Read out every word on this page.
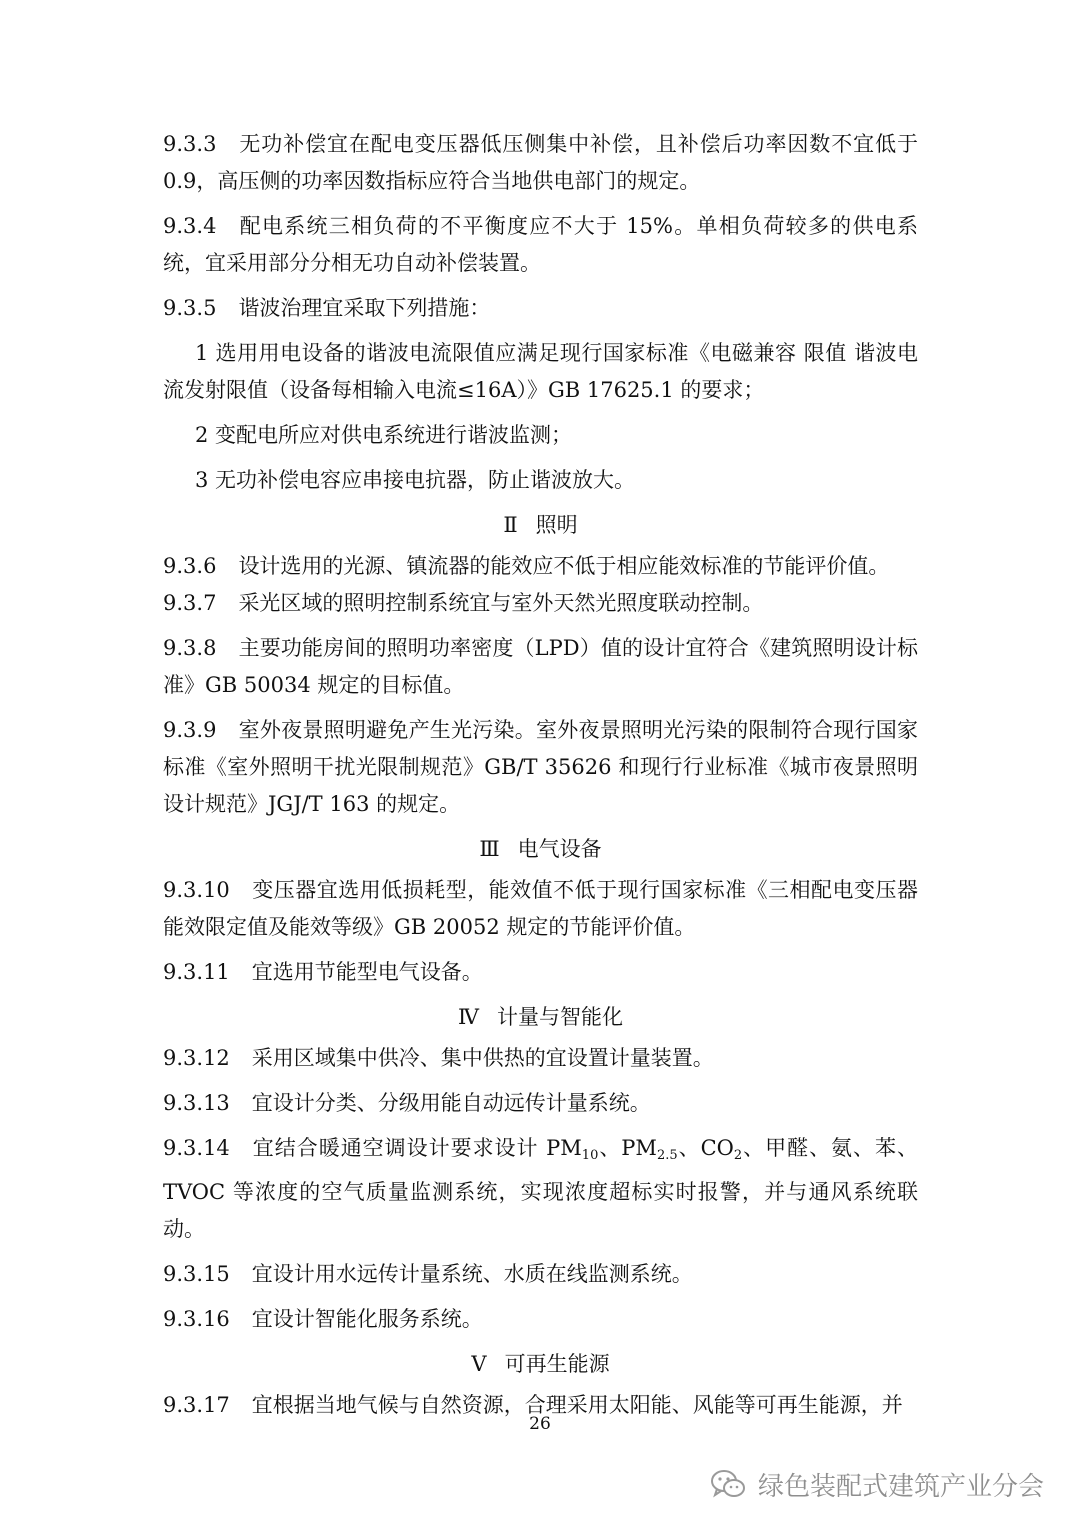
9.3.3 无功补偿宜在配电变压器低压侧集中补偿，且补偿后功率因数不宜低于0.9，高压侧的功率因数指标应符合当地供电部门的规定。

9.3.4 配电系统三相负荷的不平衡度应不大于 15%。单相负荷较多的供电系统，宜采用部分分相无功自动补偿装置。

9.3.5 谐波治理宜采取下列措施：

1 选用用电设备的谐波电流限值应满足现行国家标准《电磁兼容 限值 谐波电流发射限值（设备每相输入电流≤16A）》GB 17625.1 的要求；

2 变配电所应对供电系统进行谐波监测；

3 无功补偿电容应串接电抗器，防止谐波放大。

Ⅱ 照明

9.3.6 设计选用的光源、镇流器的能效应不低于相应能效标准的节能评价值。

9.3.7 采光区域的照明控制系统宜与室外天然光照度联动控制。

9.3.8 主要功能房间的照明功率密度（LPD）值的设计宜符合《建筑照明设计标准》GB 50034 规定的目标值。

9.3.9 室外夜景照明避免产生光污染。室外夜景照明光污染的限制符合现行国家标准《室外照明干扰光限制规范》GB/T 35626 和现行行业标准《城市夜景照明设计规范》JGJ/T 163 的规定。

Ⅲ 电气设备

9.3.10 变压器宜选用低损耗型，能效值不低于现行国家标准《三相配电变压器能效限定值及能效等级》GB 20052 规定的节能评价值。

9.3.11 宜选用节能型电气设备。

Ⅳ 计量与智能化

9.3.12 采用区域集中供冷、集中供热的宜设置计量装置。

9.3.13 宜设计分类、分级用能自动远传计量系统。

9.3.14 宜结合暖通空调设计要求设计 $PM_{10}$、$PM_{2.5}$、$CO_2$、甲醛、氨、苯、TVOC 等浓度的空气质量监测系统，实现浓度超标实时报警，并与通风系统联动。

9.3.15 宜设计用水远传计量系统、水质在线监测系统。

9.3.16 宜设计智能化服务系统。

Ⅴ 可再生能源

9.3.17 宜根据当地气候与自然资源，合理采用太阳能、风能等可再生能源，并

26
绿色装配式建筑产业分会
